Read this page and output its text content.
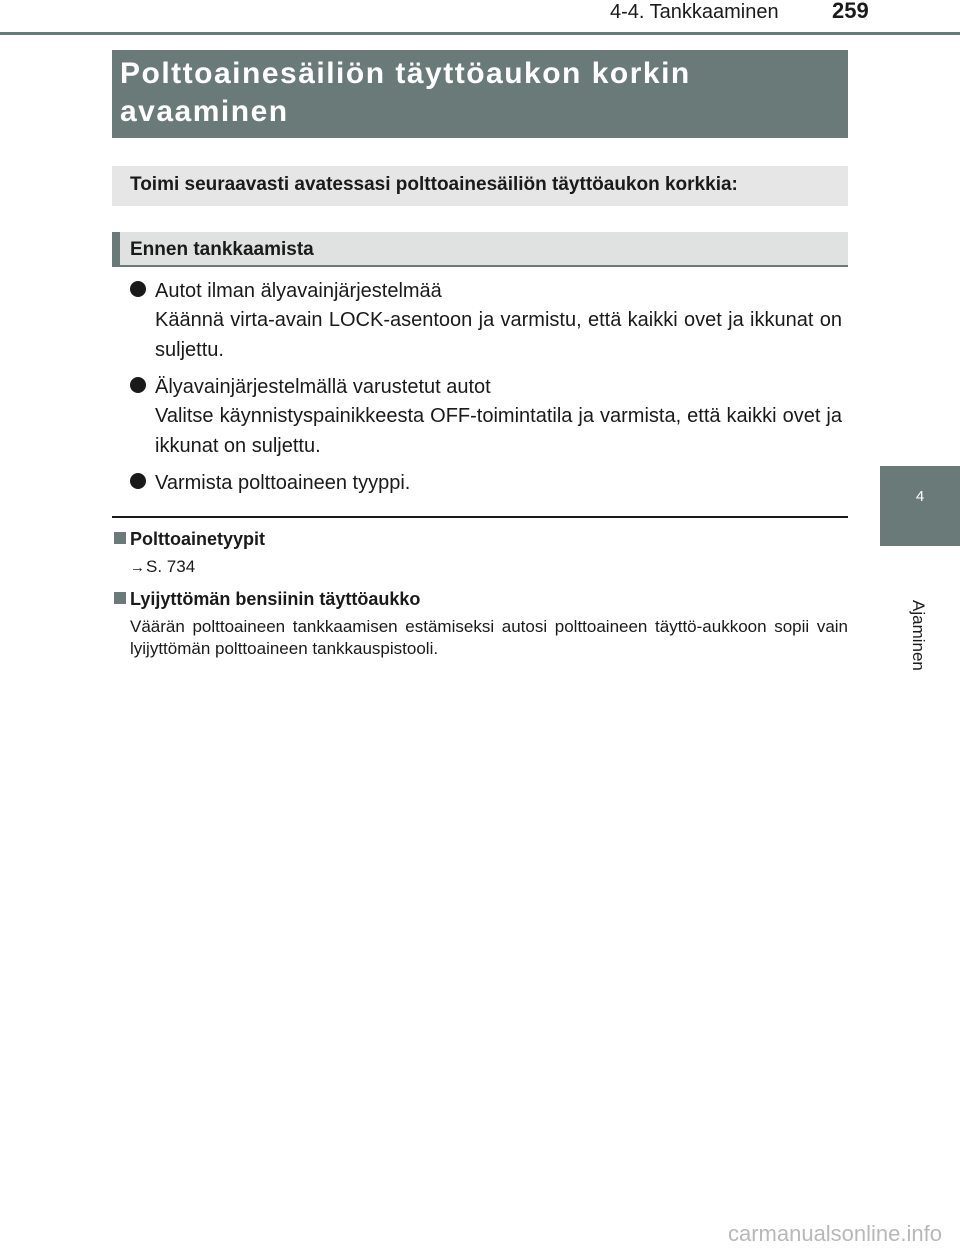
4-4. Tankkaaminen 259
4
Ajaminen
Polttoainesäiliön täyttöaukon korkin
avaaminen
Toimi seuraavasti avatessasi polttoainesäiliön täyttöaukon korkkia:
Ennen tankkaamista
Autot ilman älyavainjärjestelmää
Käännä virta-avain LOCK-asentoon ja varmistu, että kaikki ovet ja ikkunat on suljettu.
Älyavainjärjestelmällä varustetut autot
Valitse käynnistyspainikkeesta OFF-toimintatila ja varmista, että kaikki ovet ja ikkunat on suljettu.
Varmista polttoaineen tyyppi.
Polttoainetyypit
→S. 734
Lyijyttömän bensiinin täyttöaukko
Väärän polttoaineen tankkaamisen estämiseksi autosi polttoaineen täyttö-aukkoon sopii vain lyijyttömän polttoaineen tankkauspistooli.
carmanualsonline.info
